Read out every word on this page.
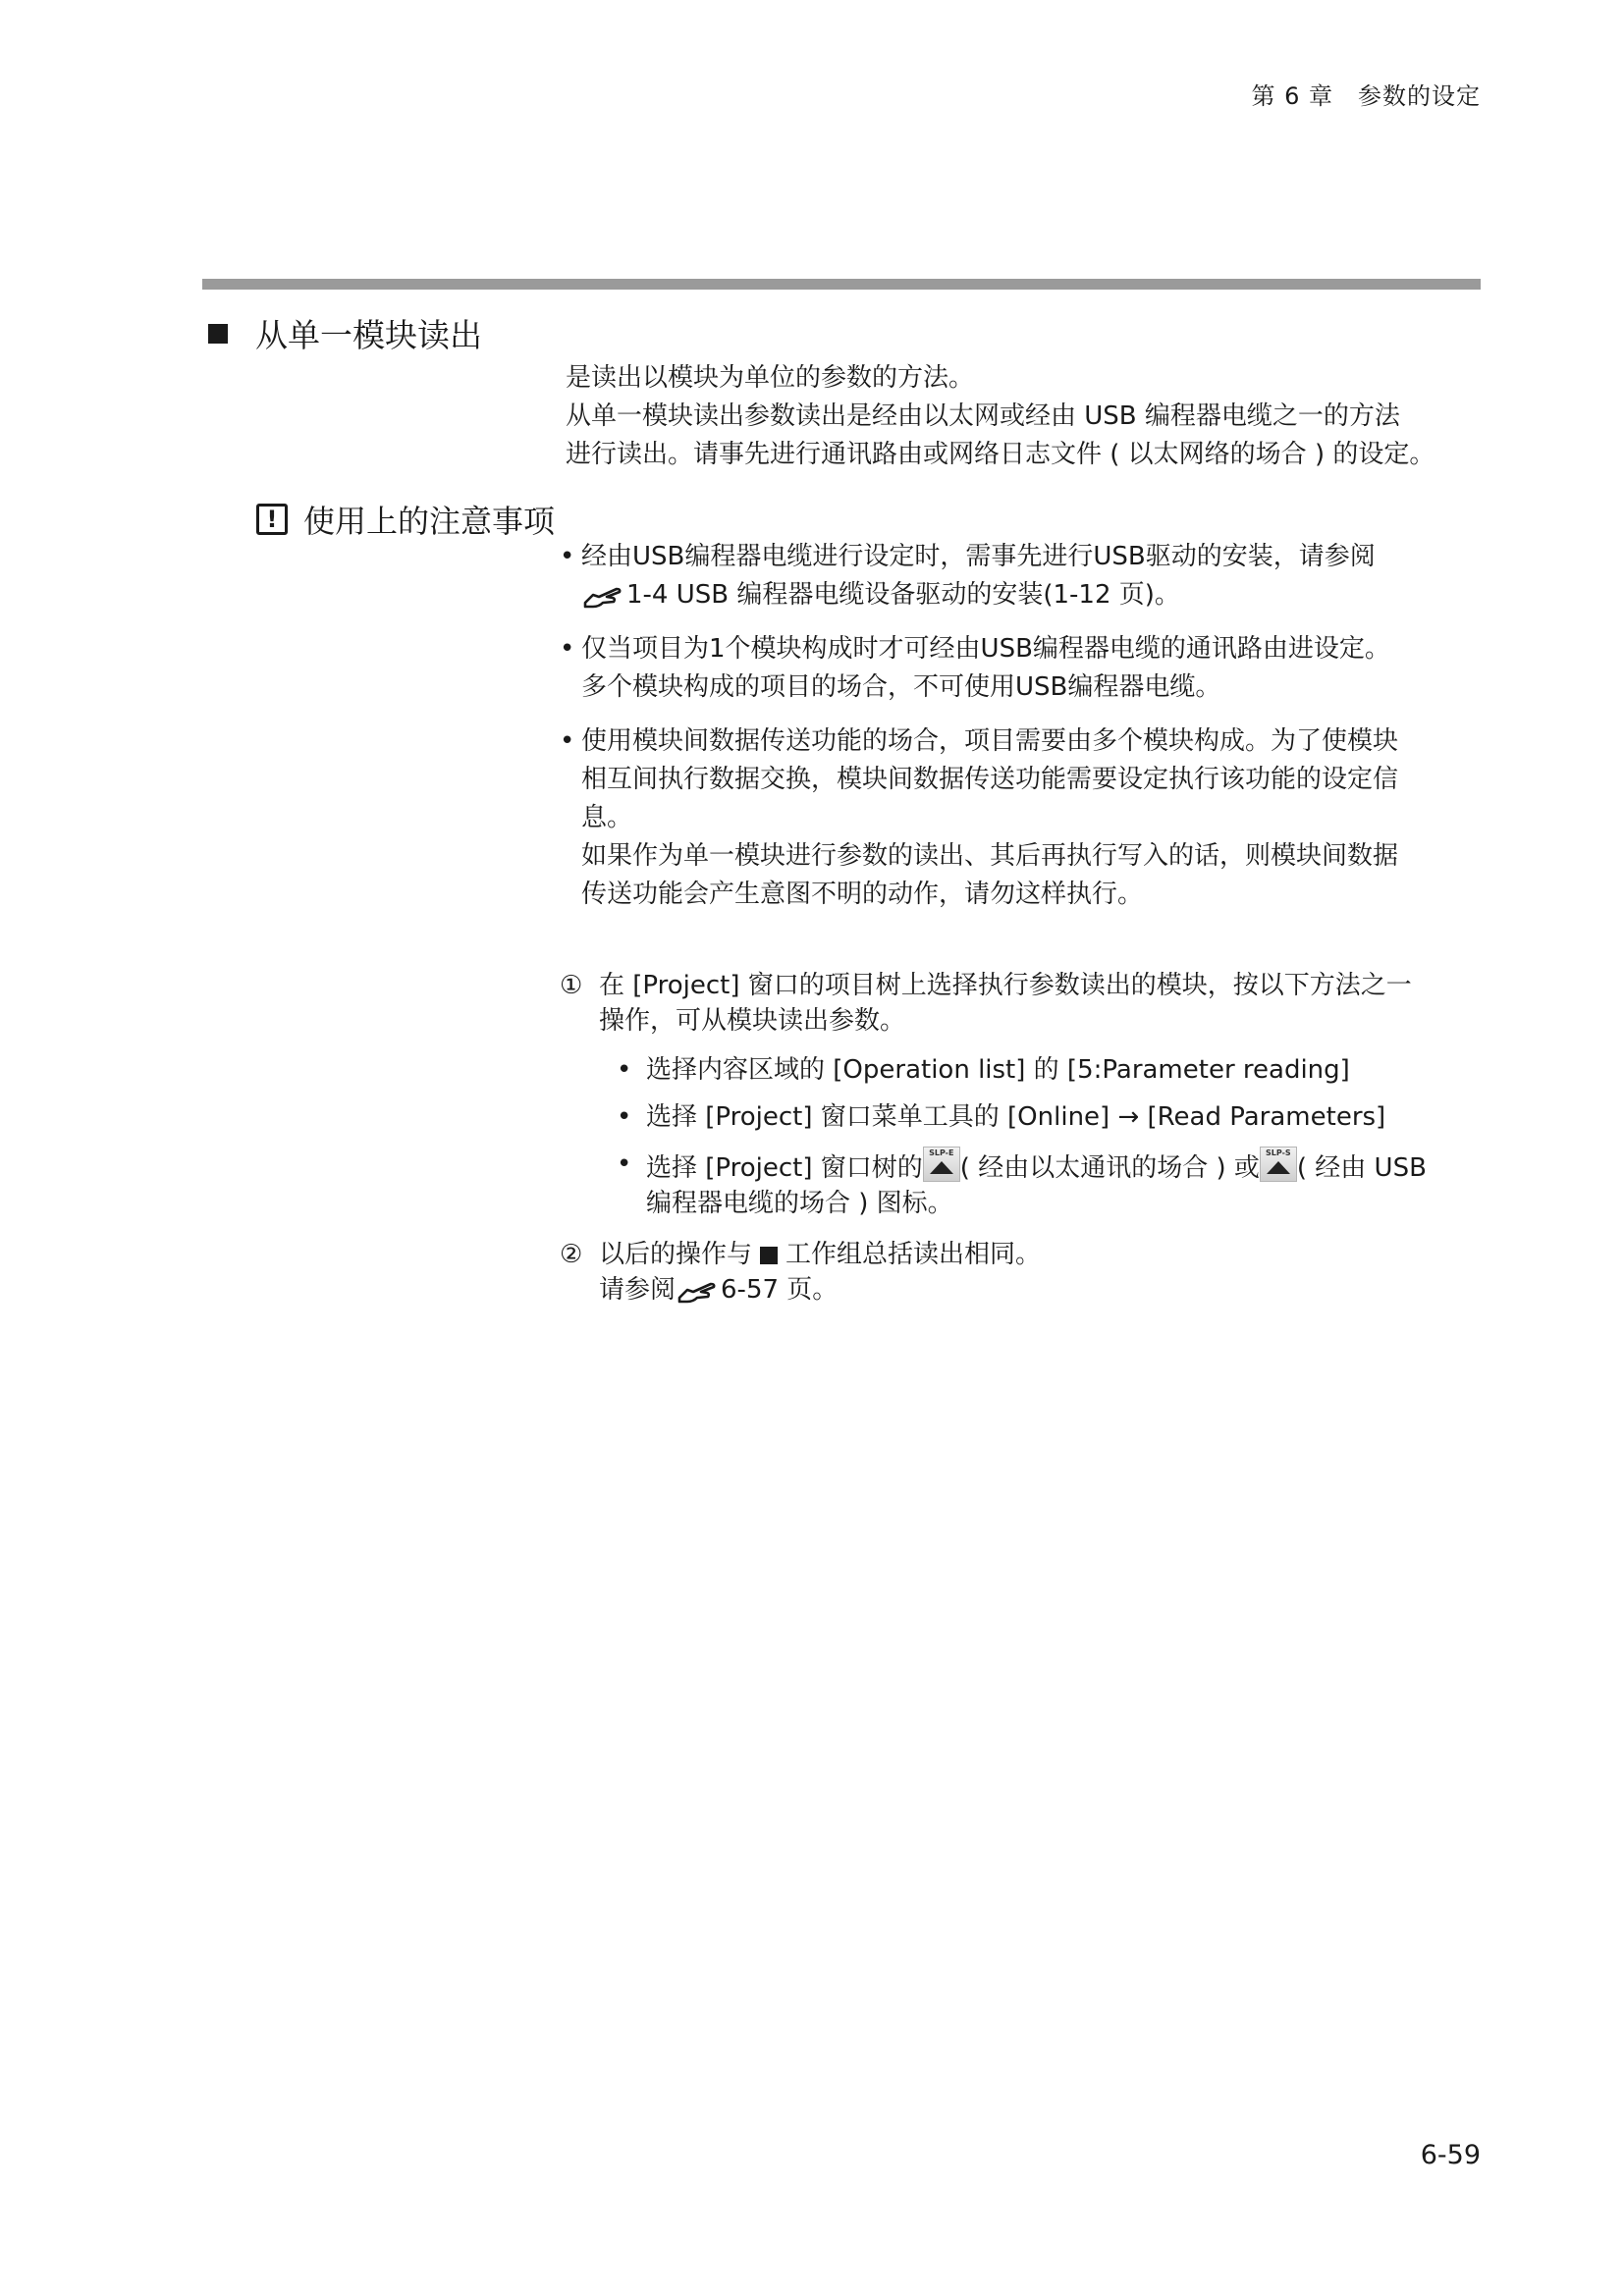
第 6 章　参数的设定
从单一模块读出
是读出以模块为单位的参数的方法。
从单一模块读出参数读出是经由以太网或经由 USB 编程器电缆之一的方法
进行读出。请事先进行通讯路由或网络日志文件 ( 以太网络的场合 ) 的设定。
! 使用上的注意事项
• 经由USB编程器电缆进行设定时，需事先进行USB驱动的安装，请参阅
1-4 USB 编程器电缆设备驱动的安装(1-12 页)。
• 仅当项目为1个模块构成时才可经由USB编程器电缆的通讯路由进设定。
多个模块构成的项目的场合，不可使用USB编程器电缆。
• 使用模块间数据传送功能的场合，项目需要由多个模块构成。为了使模块
相互间执行数据交换，模块间数据传送功能需要设定执行该功能的设定信
息。
如果作为单一模块进行参数的读出、其后再执行写入的话，则模块间数据
传送功能会产生意图不明的动作，请勿这样执行。
① 在 [Project] 窗口的项目树上选择执行参数读出的模块，按以下方法之一
操作，可从模块读出参数。
• 选择内容区域的 [Operation list] 的 [5:Parameter reading]
• 选择 [Project] 窗口菜单工具的 [Online] → [Read Parameters]
• 选择 [Project] 窗口树的
SLP-E
( 经由以太通讯的场合 ) 或
SLP-S
( 经由 USB
编程器电缆的场合 ) 图标。
② 以后的操作与 工作组总括读出相同。
请参阅 6-57 页。
6-59
